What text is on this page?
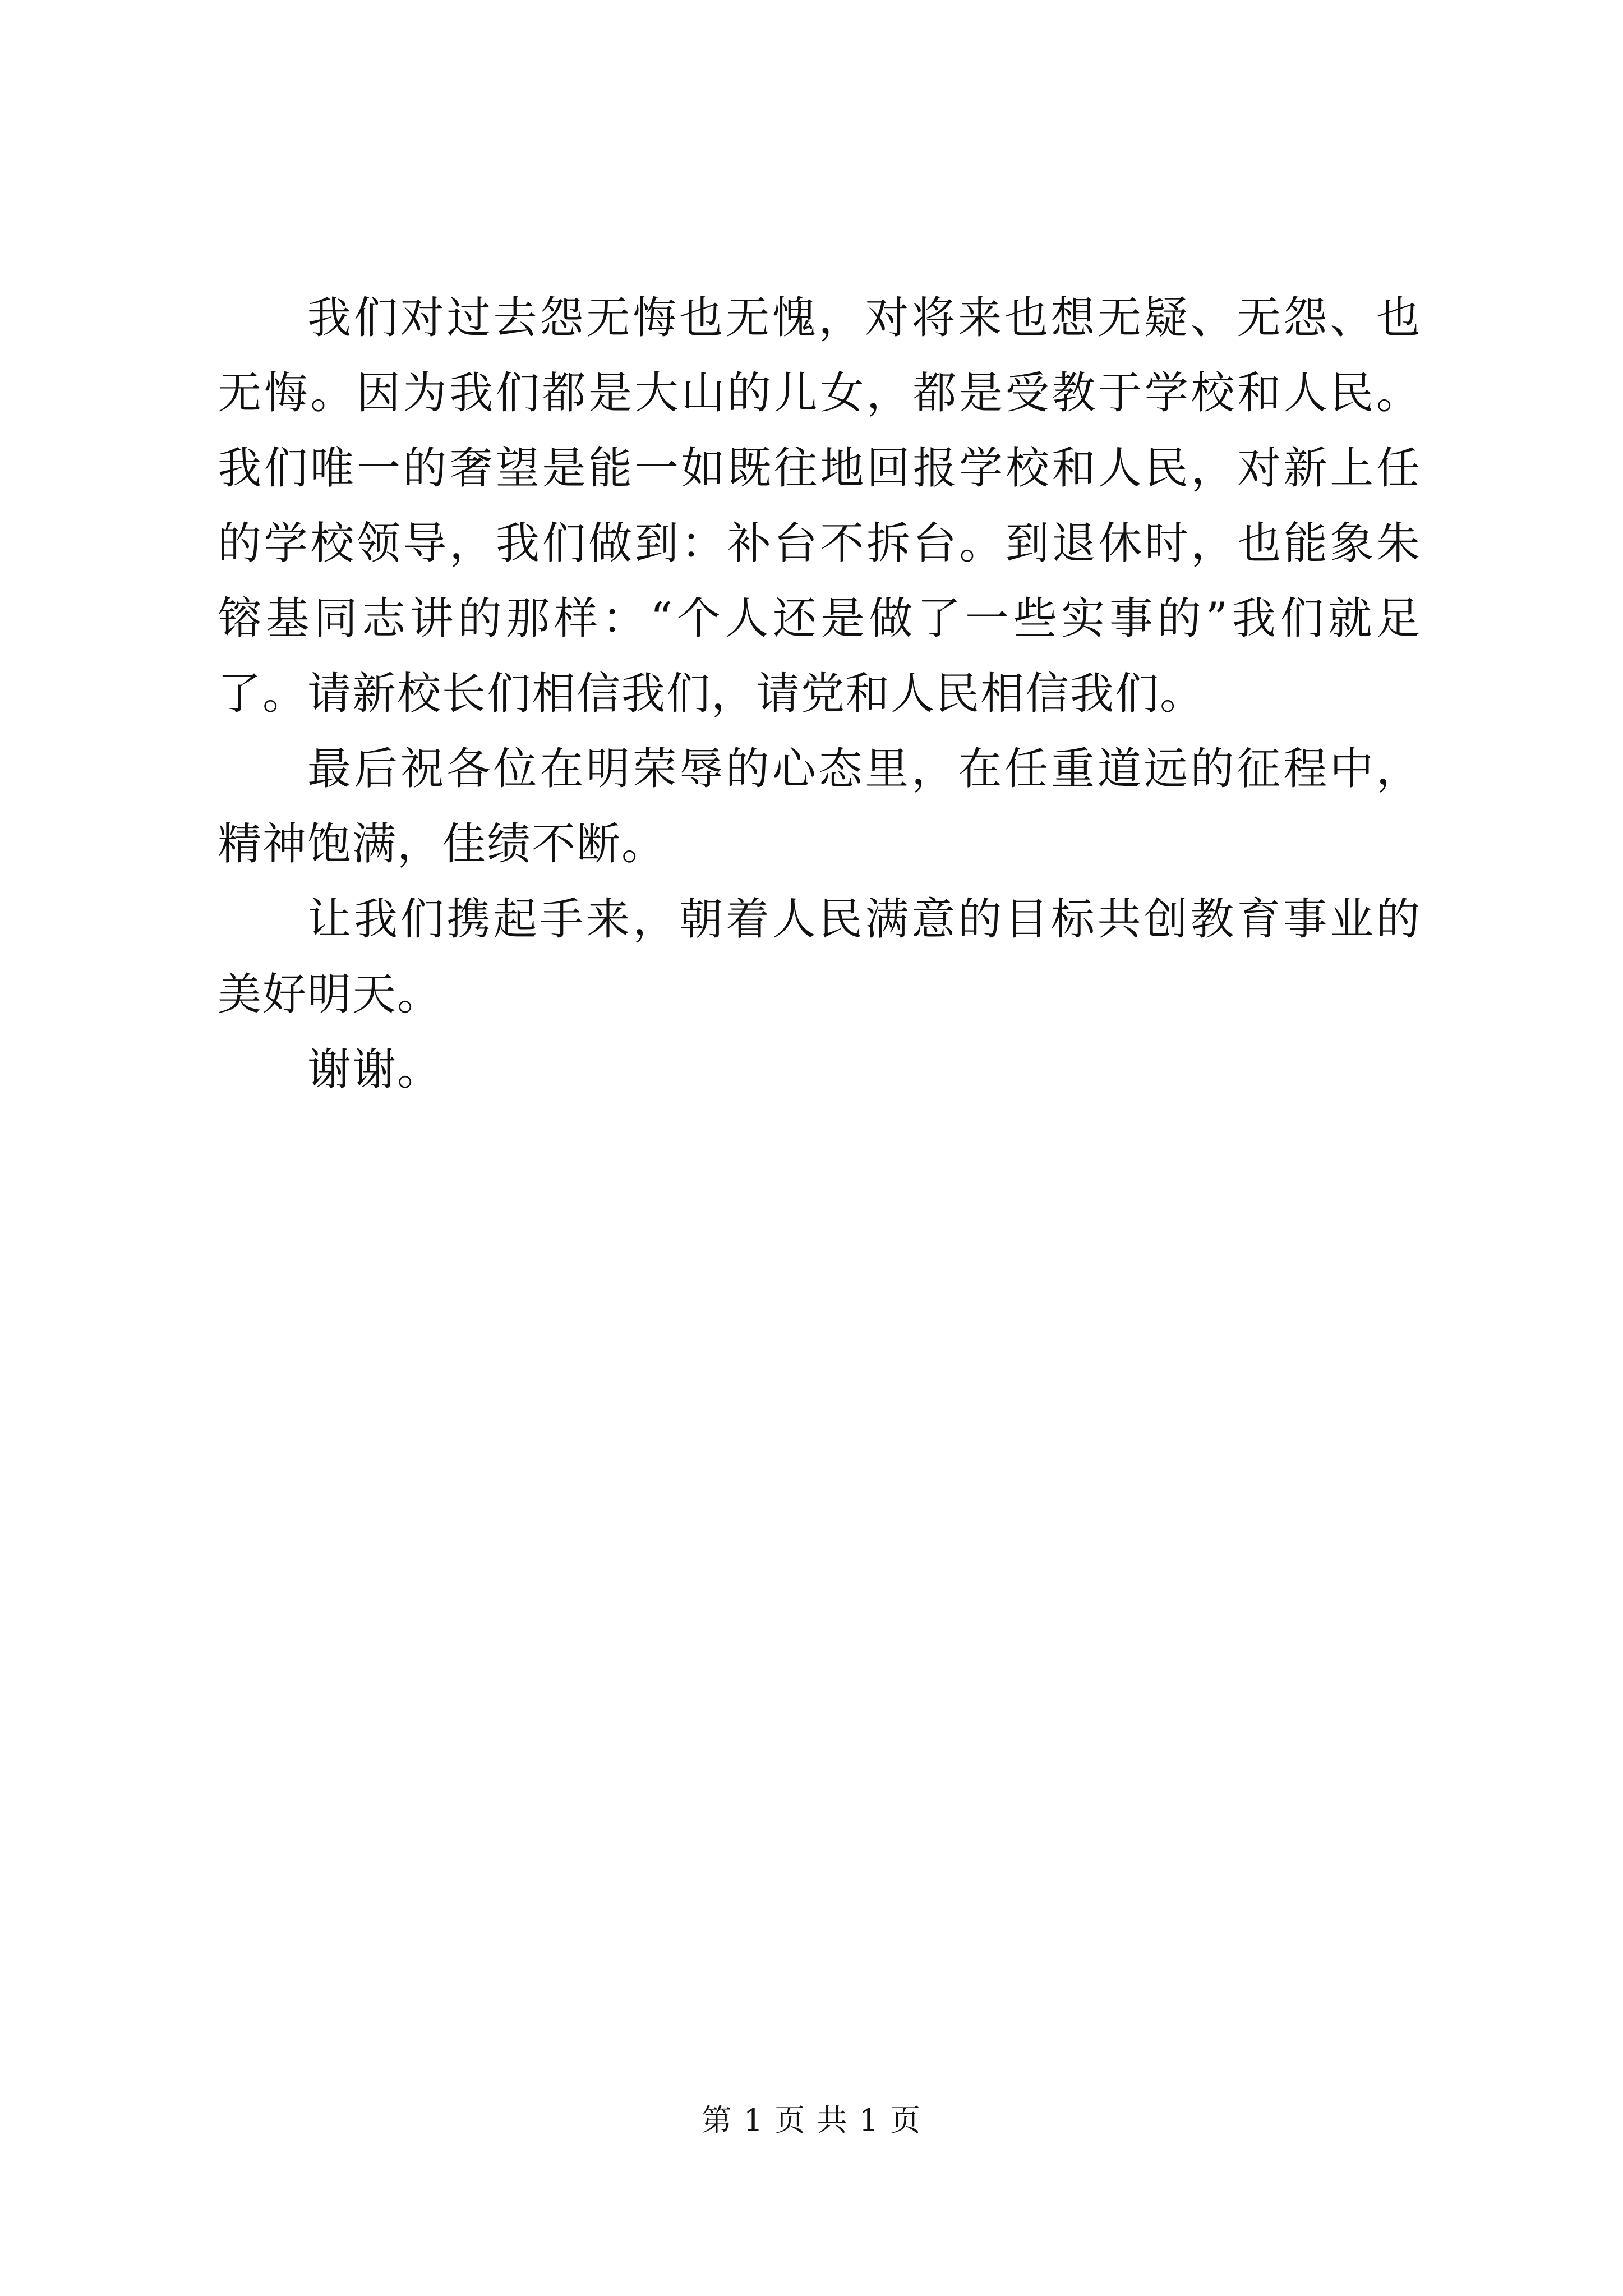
我们对过去怨无悔也无愧，对将来也想无疑、无怨、也无悔。因为我们都是大山的儿女，都是受教于学校和人民。我们唯一的奢望是能一如既往地回报学校和人民，对新上任的学校领导，我们做到：补台不拆台。到退休时，也能象朱镕基同志讲的那样：“个人还是做了一些实事的”我们就足了。请新校长们相信我们，请党和人民相信我们。

最后祝各位在明荣辱的心态里，在任重道远的征程中，精神饱满，佳绩不断。

让我们携起手来，朝着人民满意的目标共创教育事业的美好明天。

谢谢。

第 1 页 共 1 页
